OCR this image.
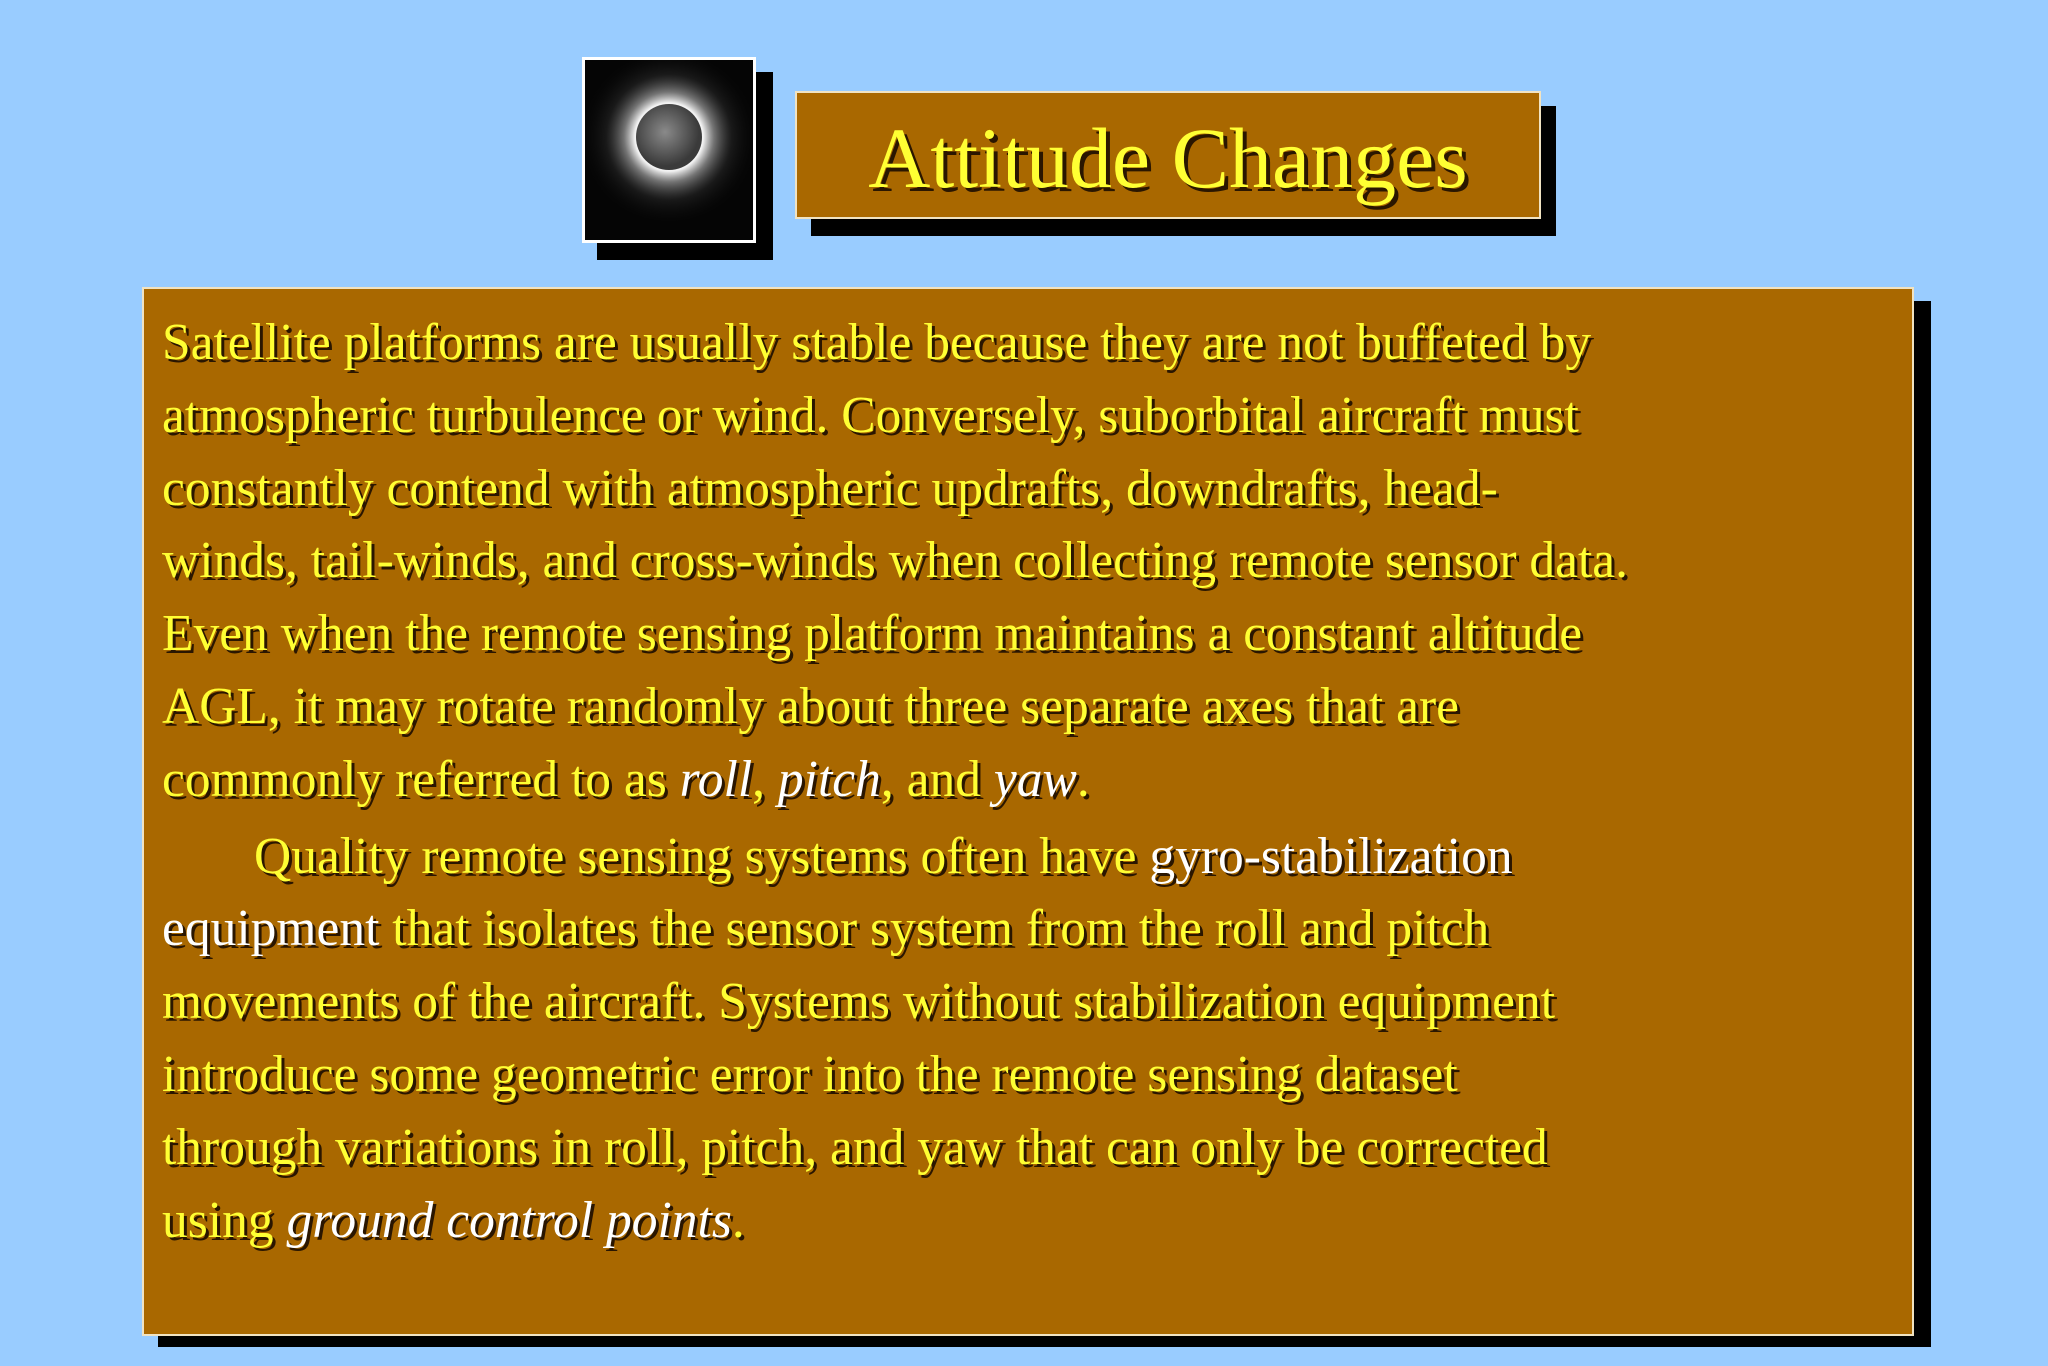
Attitude Changes

Satellite platforms are usually stable because they are not buffeted by
atmospheric turbulence or wind. Conversely, suborbital aircraft must
constantly contend with atmospheric updrafts, downdrafts, head-
winds, tail-winds, and cross-winds when collecting remote sensor data.
Even when the remote sensing platform maintains a constant altitude
AGL, it may rotate randomly about three separate axes that are
commonly referred to as roll, pitch, and yaw.

Quality remote sensing systems often have gyro-stabilization
equipment that isolates the sensor system from the roll and pitch
movements of the aircraft. Systems without stabilization equipment
introduce some geometric error into the remote sensing dataset
through variations in roll, pitch, and yaw that can only be corrected
using ground control points.
